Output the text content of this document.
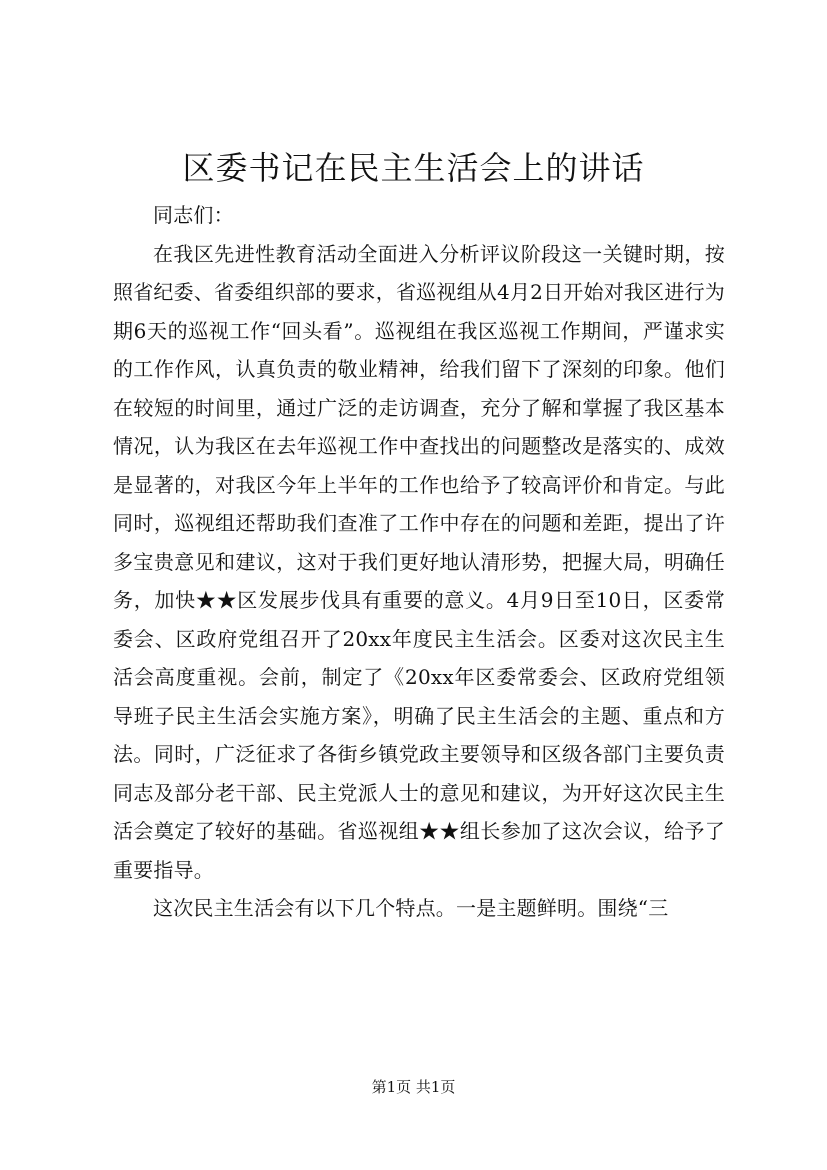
区委书记在民主生活会上的讲话

同志们：

在我区先进性教育活动全面进入分析评议阶段这一关键时期，按照省纪委、省委组织部的要求，省巡视组从4月2日开始对我区进行为期6天的巡视工作“回头看”。巡视组在我区巡视工作期间，严谨求实的工作作风，认真负责的敬业精神，给我们留下了深刻的印象。他们在较短的时间里，通过广泛的走访调查，充分了解和掌握了我区基本情况，认为我区在去年巡视工作中查找出的问题整改是落实的、成效是显著的，对我区今年上半年的工作也给予了较高评价和肯定。与此同时，巡视组还帮助我们查准了工作中存在的问题和差距，提出了许多宝贵意见和建议，这对于我们更好地认清形势，把握大局，明确任务，加快★★区发展步伐具有重要的意义。4月9日至10日，区委常委会、区政府党组召开了20xx年度民主生活会。区委对这次民主生活会高度重视。会前，制定了《20xx年区委常委会、区政府党组领导班子民主生活会实施方案》，明确了民主生活会的主题、重点和方法。同时，广泛征求了各街乡镇党政主要领导和区级各部门主要负责同志及部分老干部、民主党派人士的意见和建议，为开好这次民主生活会奠定了较好的基础。省巡视组★★组长参加了这次会议，给予了重要指导。

这次民主生活会有以下几个特点。一是主题鲜明。围绕“三

第1页 共1页
